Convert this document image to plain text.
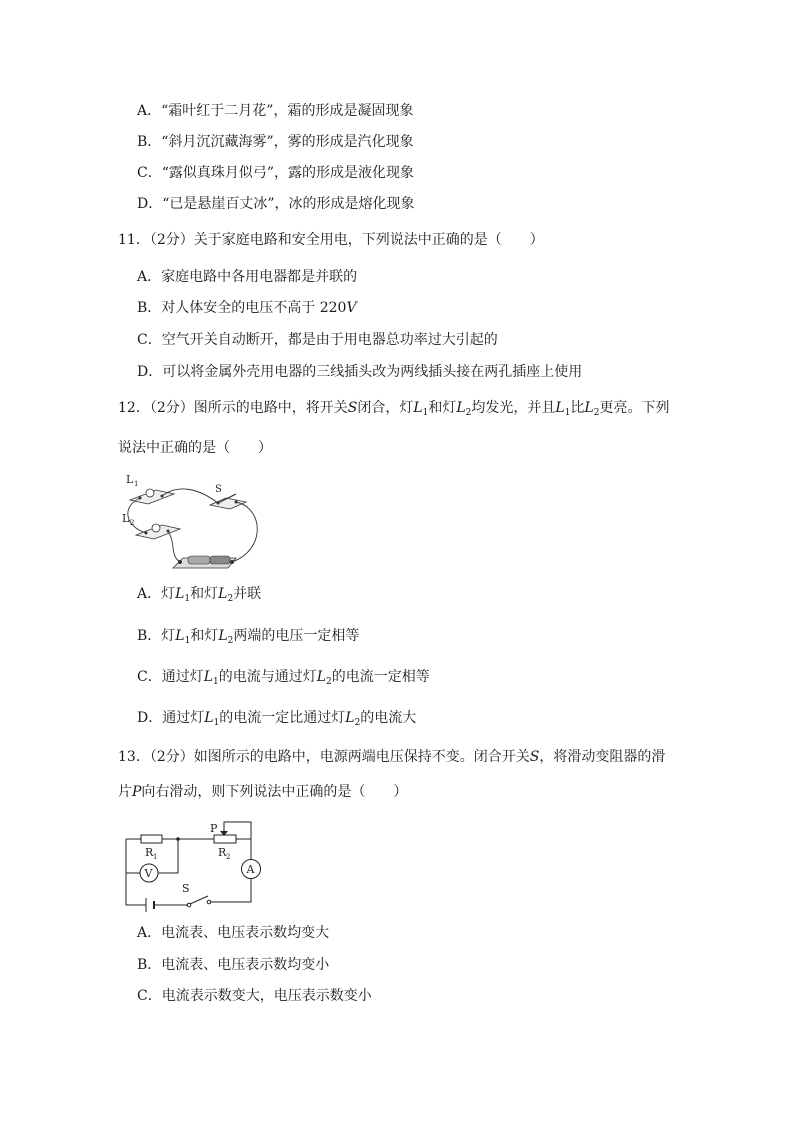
A．“霜叶红于二月花”，霜的形成是凝固现象
B．“斜月沉沉藏海雾”，雾的形成是汽化现象
C．“露似真珠月似弓”，露的形成是液化现象
D．“已是悬崖百丈冰”，冰的形成是熔化现象
11．（2分）关于家庭电路和安全用电，下列说法中正确的是（　　）
A．家庭电路中各用电器都是并联的
B．对人体安全的电压不高于 220V
C．空气开关自动断开，都是由于用电器总功率过大引起的
D．可以将金属外壳用电器的三线插头改为两线插头接在两孔插座上使用
12．（2分）图所示的电路中，将开关S闭合，灯$L_1$和灯$L_2$均发光，并且$L_1$比$L_2$更亮。下列
说法中正确的是（　　）
L 1
L 2
S
A．灯$L_1$和灯$L_2$并联
B．灯$L_1$和灯$L_2$两端的电压一定相等
C．通过灯$L_1$的电流与通过灯$L_2$的电流一定相等
D．通过灯$L_1$的电流一定比通过灯$L_2$的电流大
13．（2分）如图所示的电路中，电源两端电压保持不变。闭合开关S，将滑动变阻器的滑
片P向右滑动，则下列说法中正确的是（　　）
R 1
P
R 2
V	A
S
A．电流表、电压表示数均变大
B．电流表、电压表示数均变小
C．电流表示数变大，电压表示数变小
